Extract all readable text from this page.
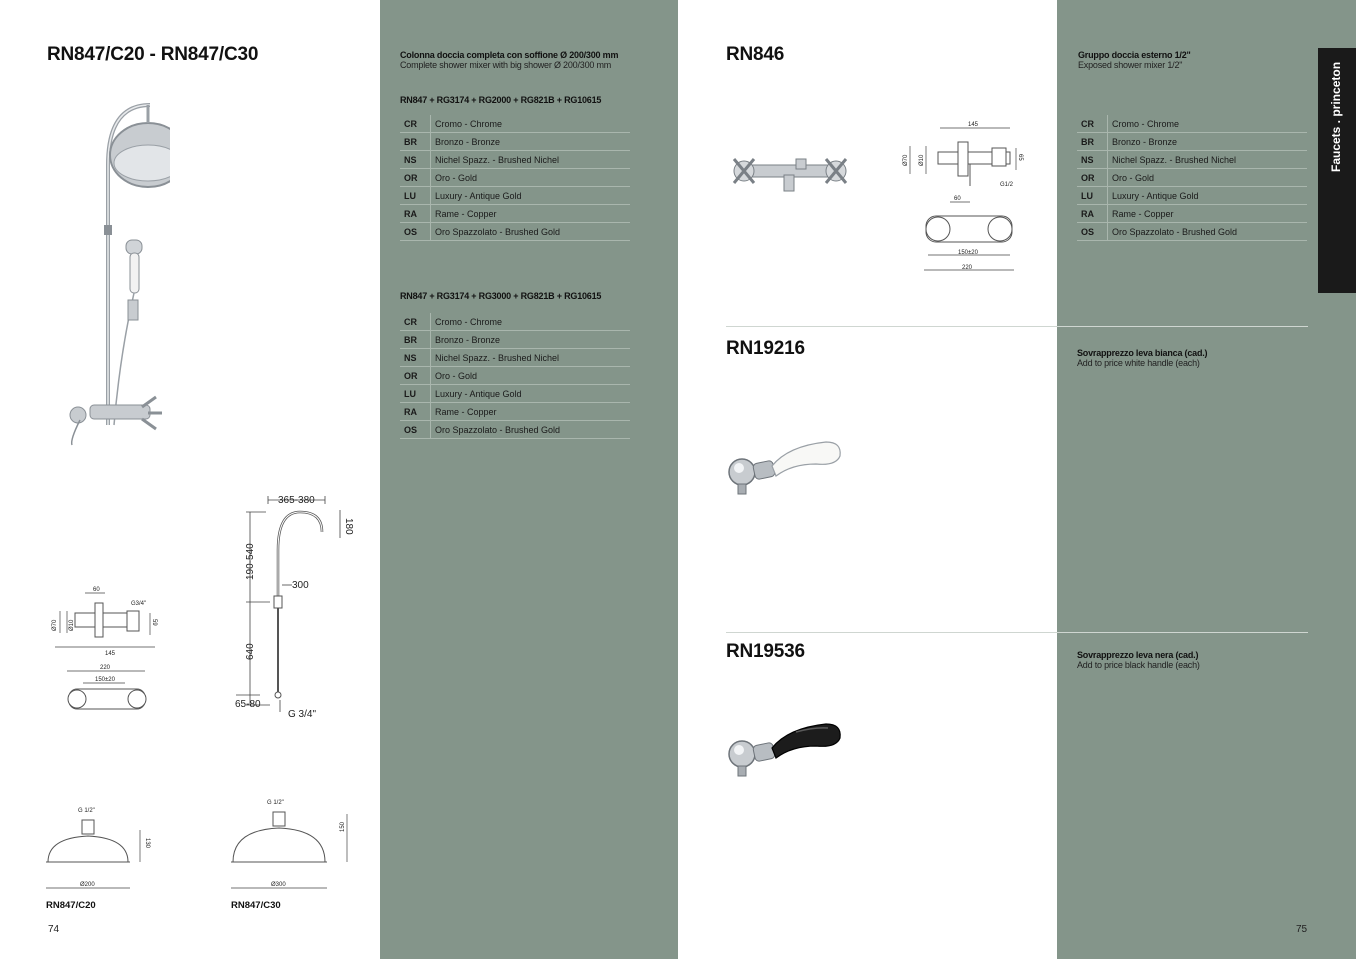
RN847/C20 - RN847/C30
365-380
180
190-540
300
640
65-80
G 3/4"
60
G3/4"
Ø70 Ø10	59
145
220
150±20
G 1/2"
130
Ø200
G 1/2"
150
Ø300
RN847/C20	RN847/C30
74
Colonna doccia completa con soffione Ø 200/300 mm
Complete shower mixer with big shower Ø 200/300 mm
RN847 + RG3174 + RG2000 + RG821B + RG10615
CR	Cromo - Chrome
BR	Bronzo - Bronze
NS	Nichel Spazz. - Brushed Nichel
OR	Oro - Gold
LU	Luxury - Antique Gold
RA	Rame - Copper
OS	Oro Spazzolato - Brushed Gold
RN847 + RG3174 + RG3000 + RG821B + RG10615
CR	Cromo - Chrome
BR	Bronzo - Bronze
NS	Nichel Spazz. - Brushed Nichel
OR	Oro - Gold
LU	Luxury - Antique Gold
RA	Rame - Copper
OS	Oro Spazzolato - Brushed Gold
RN846
145
Ø70 Ø10	65
60
G1/2
150±20
220
Gruppo doccia esterno 1/2"
Exposed shower mixer 1/2"
CR	Cromo - Chrome
BR	Bronzo - Bronze
NS	Nichel Spazz. - Brushed Nichel
OR	Oro - Gold
LU	Luxury - Antique Gold
RA	Rame - Copper
OS	Oro Spazzolato - Brushed Gold
Faucets . princeton
RN19216	Sovrapprezzo leva bianca (cad.)
Add to price white handle (each)
RN19536	Sovrapprezzo leva nera (cad.)
Add to price black handle (each)
75
